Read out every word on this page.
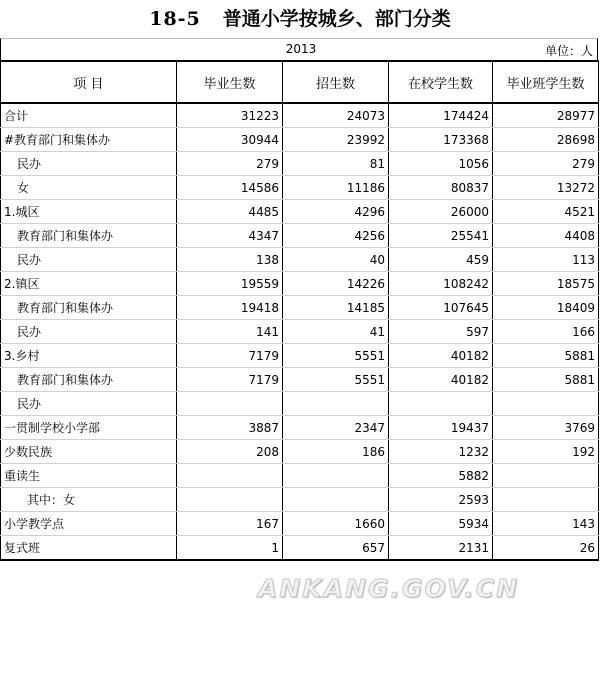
18-5 普通小学按城乡、部门分类
2013	单位：人
项 目	毕业生数	招生数	在校学生数	毕业班学生数
合计	31223	24073	174424	28977
#教育部门和集体办	30944	23992	173368	28698
民办	279	81	1056	279
女	14586	11186	80837	13272
1.城区	4485	4296	26000	4521
教育部门和集体办	4347	4256	25541	4408
民办	138	40	459	113
2.镇区	19559	14226	108242	18575
教育部门和集体办	19418	14185	107645	18409
民办	141	41	597	166
3.乡村	7179	5551	40182	5881
教育部门和集体办	7179	5551	40182	5881
民办				
一贯制学校小学部	3887	2347	19437	3769
少数民族	208	186	1232	192
重读生			5882	
其中：女			2593	
小学教学点	167	1660	5934	143
复式班	1	657	2131	26
ANKANG.GOV.CN
